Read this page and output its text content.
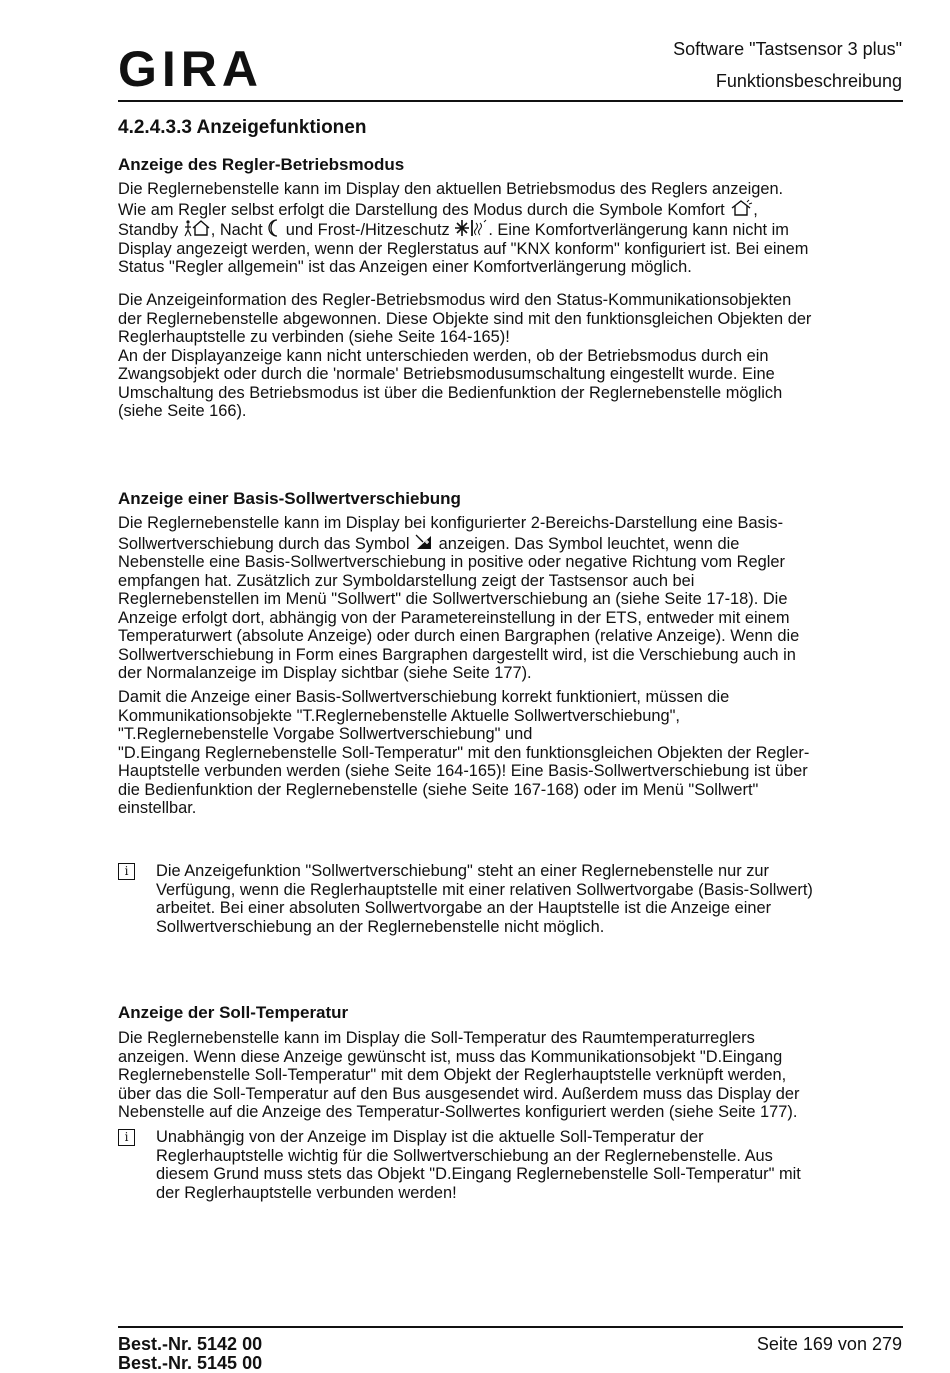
GIRA	Software "Tastsensor 3 plus"
Funktionsbeschreibung
4.2.4.3.3 Anzeigefunktionen
Anzeige des Regler-Betriebsmodus
Die Reglernebenstelle kann im Display den aktuellen Betriebsmodus des Reglers anzeigen.
Wie am Regler selbst erfolgt die Darstellung des Modus durch die Symbole Komfort ,
Standby , Nacht und Frost-/Hitzeschutz . Eine Komfortverlängerung kann nicht im
Display angezeigt werden, wenn der Reglerstatus auf "KNX konform" konfiguriert ist. Bei einem
Status "Regler allgemein" ist das Anzeigen einer Komfortverlängerung möglich.
Die Anzeigeinformation des Regler-Betriebsmodus wird den Status-Kommunikationsobjekten
der Reglernebenstelle abgewonnen. Diese Objekte sind mit den funktionsgleichen Objekten der
Reglerhauptstelle zu verbinden (siehe Seite 164-165)!
An der Displayanzeige kann nicht unterschieden werden, ob der Betriebsmodus durch ein
Zwangsobjekt oder durch die 'normale' Betriebsmodusumschaltung eingestellt wurde. Eine
Umschaltung des Betriebsmodus ist über die Bedienfunktion der Reglernebenstelle möglich
(siehe Seite 166).
Anzeige einer Basis-Sollwertverschiebung
Die Reglernebenstelle kann im Display bei konfigurierter 2-Bereichs-Darstellung eine Basis-
Sollwertverschiebung durch das Symbol anzeigen. Das Symbol leuchtet, wenn die
Nebenstelle eine Basis-Sollwertverschiebung in positive oder negative Richtung vom Regler
empfangen hat. Zusätzlich zur Symboldarstellung zeigt der Tastsensor auch bei
Reglernebenstellen im Menü "Sollwert" die Sollwertverschiebung an (siehe Seite 17-18). Die
Anzeige erfolgt dort, abhängig von der Parametereinstellung in der ETS, entweder mit einem
Temperaturwert (absolute Anzeige) oder durch einen Bargraphen (relative Anzeige). Wenn die
Sollwertverschiebung in Form eines Bargraphen dargestellt wird, ist die Verschiebung auch in
der Normalanzeige im Display sichtbar (siehe Seite 177).
Damit die Anzeige einer Basis-Sollwertverschiebung korrekt funktioniert, müssen die
Kommunikationsobjekte "T.Reglernebenstelle Aktuelle Sollwertverschiebung",
"T.Reglernebenstelle Vorgabe Sollwertverschiebung" und
"D.Eingang Reglernebenstelle Soll-Temperatur" mit den funktionsgleichen Objekten der Regler-
Hauptstelle verbunden werden (siehe Seite 164-165)! Eine Basis-Sollwertverschiebung ist über
die Bedienfunktion der Reglernebenstelle (siehe Seite 167-168) oder im Menü "Sollwert"
einstellbar.
i	Die Anzeigefunktion "Sollwertverschiebung" steht an einer Reglernebenstelle nur zur
Verfügung, wenn die Reglerhauptstelle mit einer relativen Sollwertvorgabe (Basis-Sollwert)
arbeitet. Bei einer absoluten Sollwertvorgabe an der Hauptstelle ist die Anzeige einer
Sollwertverschiebung an der Reglernebenstelle nicht möglich.
Anzeige der Soll-Temperatur
Die Reglernebenstelle kann im Display die Soll-Temperatur des Raumtemperaturreglers
anzeigen. Wenn diese Anzeige gewünscht ist, muss das Kommunikationsobjekt "D.Eingang
Reglernebenstelle Soll-Temperatur" mit dem Objekt der Reglerhauptstelle verknüpft werden,
über das die Soll-Temperatur auf den Bus ausgesendet wird. Außerdem muss das Display der
Nebenstelle auf die Anzeige des Temperatur-Sollwertes konfiguriert werden (siehe Seite 177).
i	Unabhängig von der Anzeige im Display ist die aktuelle Soll-Temperatur der
Reglerhauptstelle wichtig für die Sollwertverschiebung an der Reglernebenstelle. Aus
diesem Grund muss stets das Objekt "D.Eingang Reglernebenstelle Soll-Temperatur" mit
der Reglerhauptstelle verbunden werden!
Best.-Nr. 5142 00
Best.-Nr. 5145 00
Seite 169 von 279
